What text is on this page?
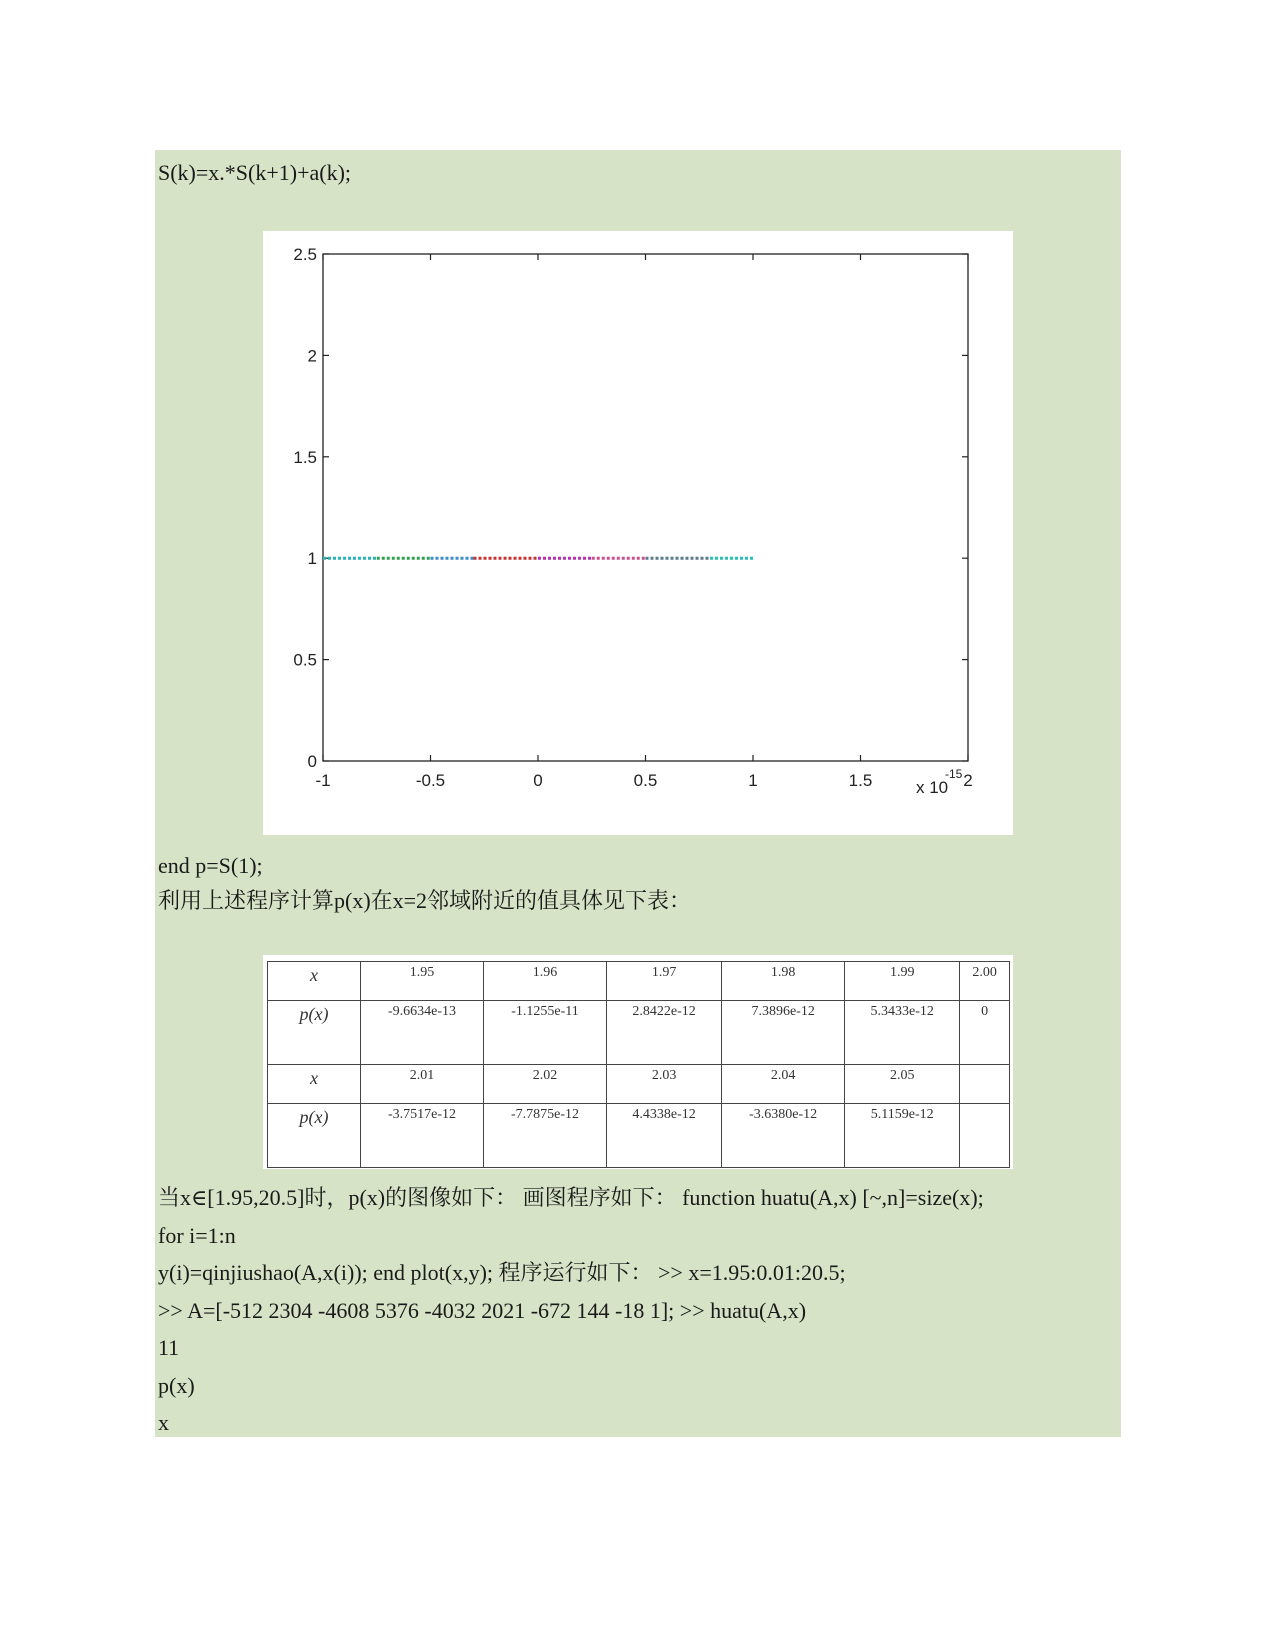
S(k)=x.*S(k+1)+a(k);
-1	-0.5	0	0.5	1	1.5	2
0
0.5
1
1.5
2
2.5
x 10
-15
end p=S(1);
利用上述程序计算p(x)在x=2邻域附近的值具体见下表：
x	1.95	1.96	1.97	1.98	1.99	2.00
p(x)	-9.6634e-13	-1.1255e-11	2.8422e-12	7.3896e-12	5.3433e-12	0
x	2.01	2.02	2.03	2.04	2.05	
p(x)	-3.7517e-12	-7.7875e-12	4.4338e-12	-3.6380e-12	5.1159e-12	
当x∈[1.95,20.5]时，p(x)的图像如下： 画图程序如下： function huatu(A,x) [~,n]=size(x);
for i=1:n
y(i)=qinjiushao(A,x(i)); end plot(x,y); 程序运行如下： >> x=1.95:0.01:20.5;
>> A=[-512 2304 -4608 5376 -4032 2021 -672 144 -18 1]; >> huatu(A,x)
11
p(x)
x
